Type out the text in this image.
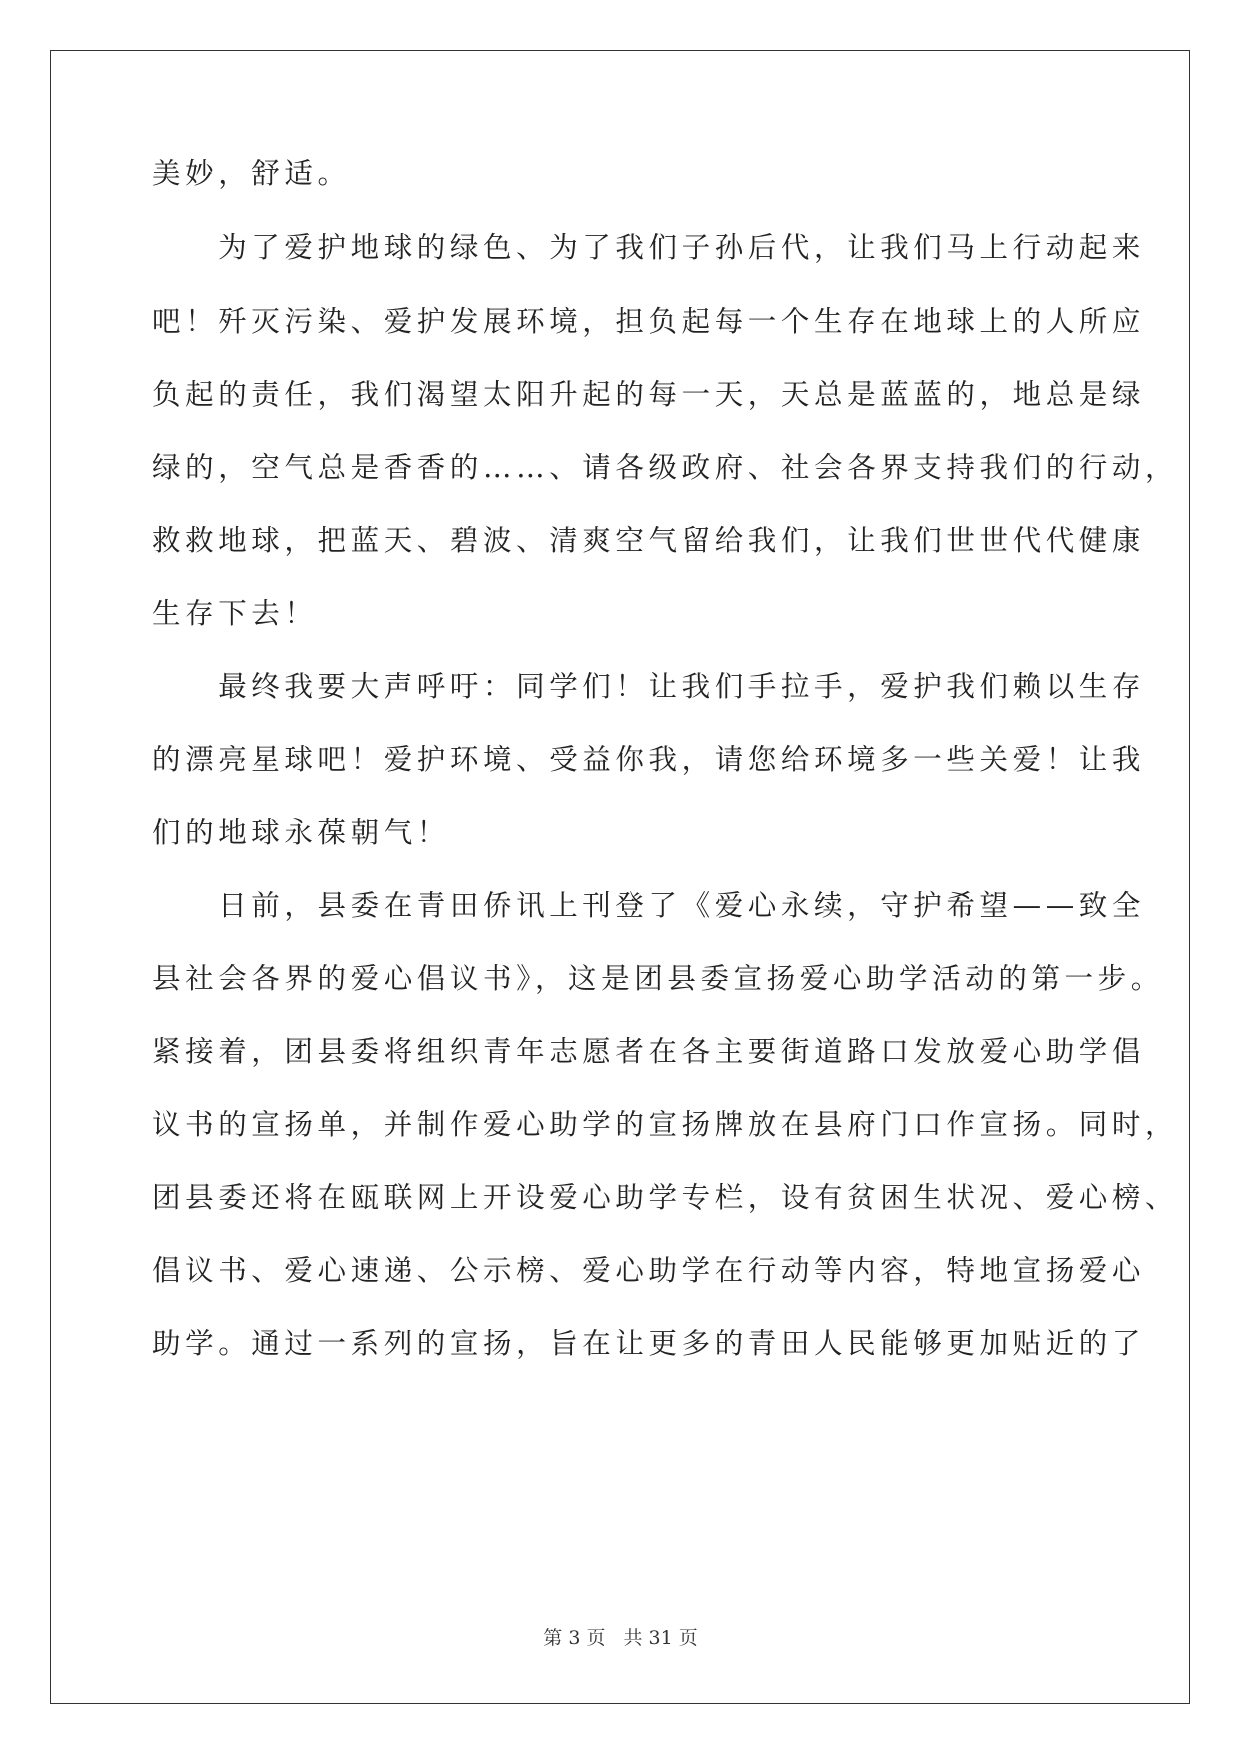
美妙，舒适。
　　为了爱护地球的绿色、为了我们子孙后代，让我们马上行动起来
吧！歼灭污染、爱护发展环境，担负起每一个生存在地球上的人所应
负起的责任，我们渴望太阳升起的每一天，天总是蓝蓝的，地总是绿
绿的，空气总是香香的……、请各级政府、社会各界支持我们的行动，
救救地球，把蓝天、碧波、清爽空气留给我们，让我们世世代代健康
生存下去！
　　最终我要大声呼吁：同学们！让我们手拉手，爱护我们赖以生存
的漂亮星球吧！爱护环境、受益你我，请您给环境多一些关爱！让我
们的地球永葆朝气！
　　日前，县委在青田侨讯上刊登了《爱心永续，守护希望——致全
县社会各界的爱心倡议书》，这是团县委宣扬爱心助学活动的第一步。
紧接着，团县委将组织青年志愿者在各主要街道路口发放爱心助学倡
议书的宣扬单，并制作爱心助学的宣扬牌放在县府门口作宣扬。同时，
团县委还将在瓯联网上开设爱心助学专栏，设有贫困生状况、爱心榜、
倡议书、爱心速递、公示榜、爱心助学在行动等内容，特地宣扬爱心
助学。通过一系列的宣扬，旨在让更多的青田人民能够更加贴近的了
第 3 页 共 31 页
